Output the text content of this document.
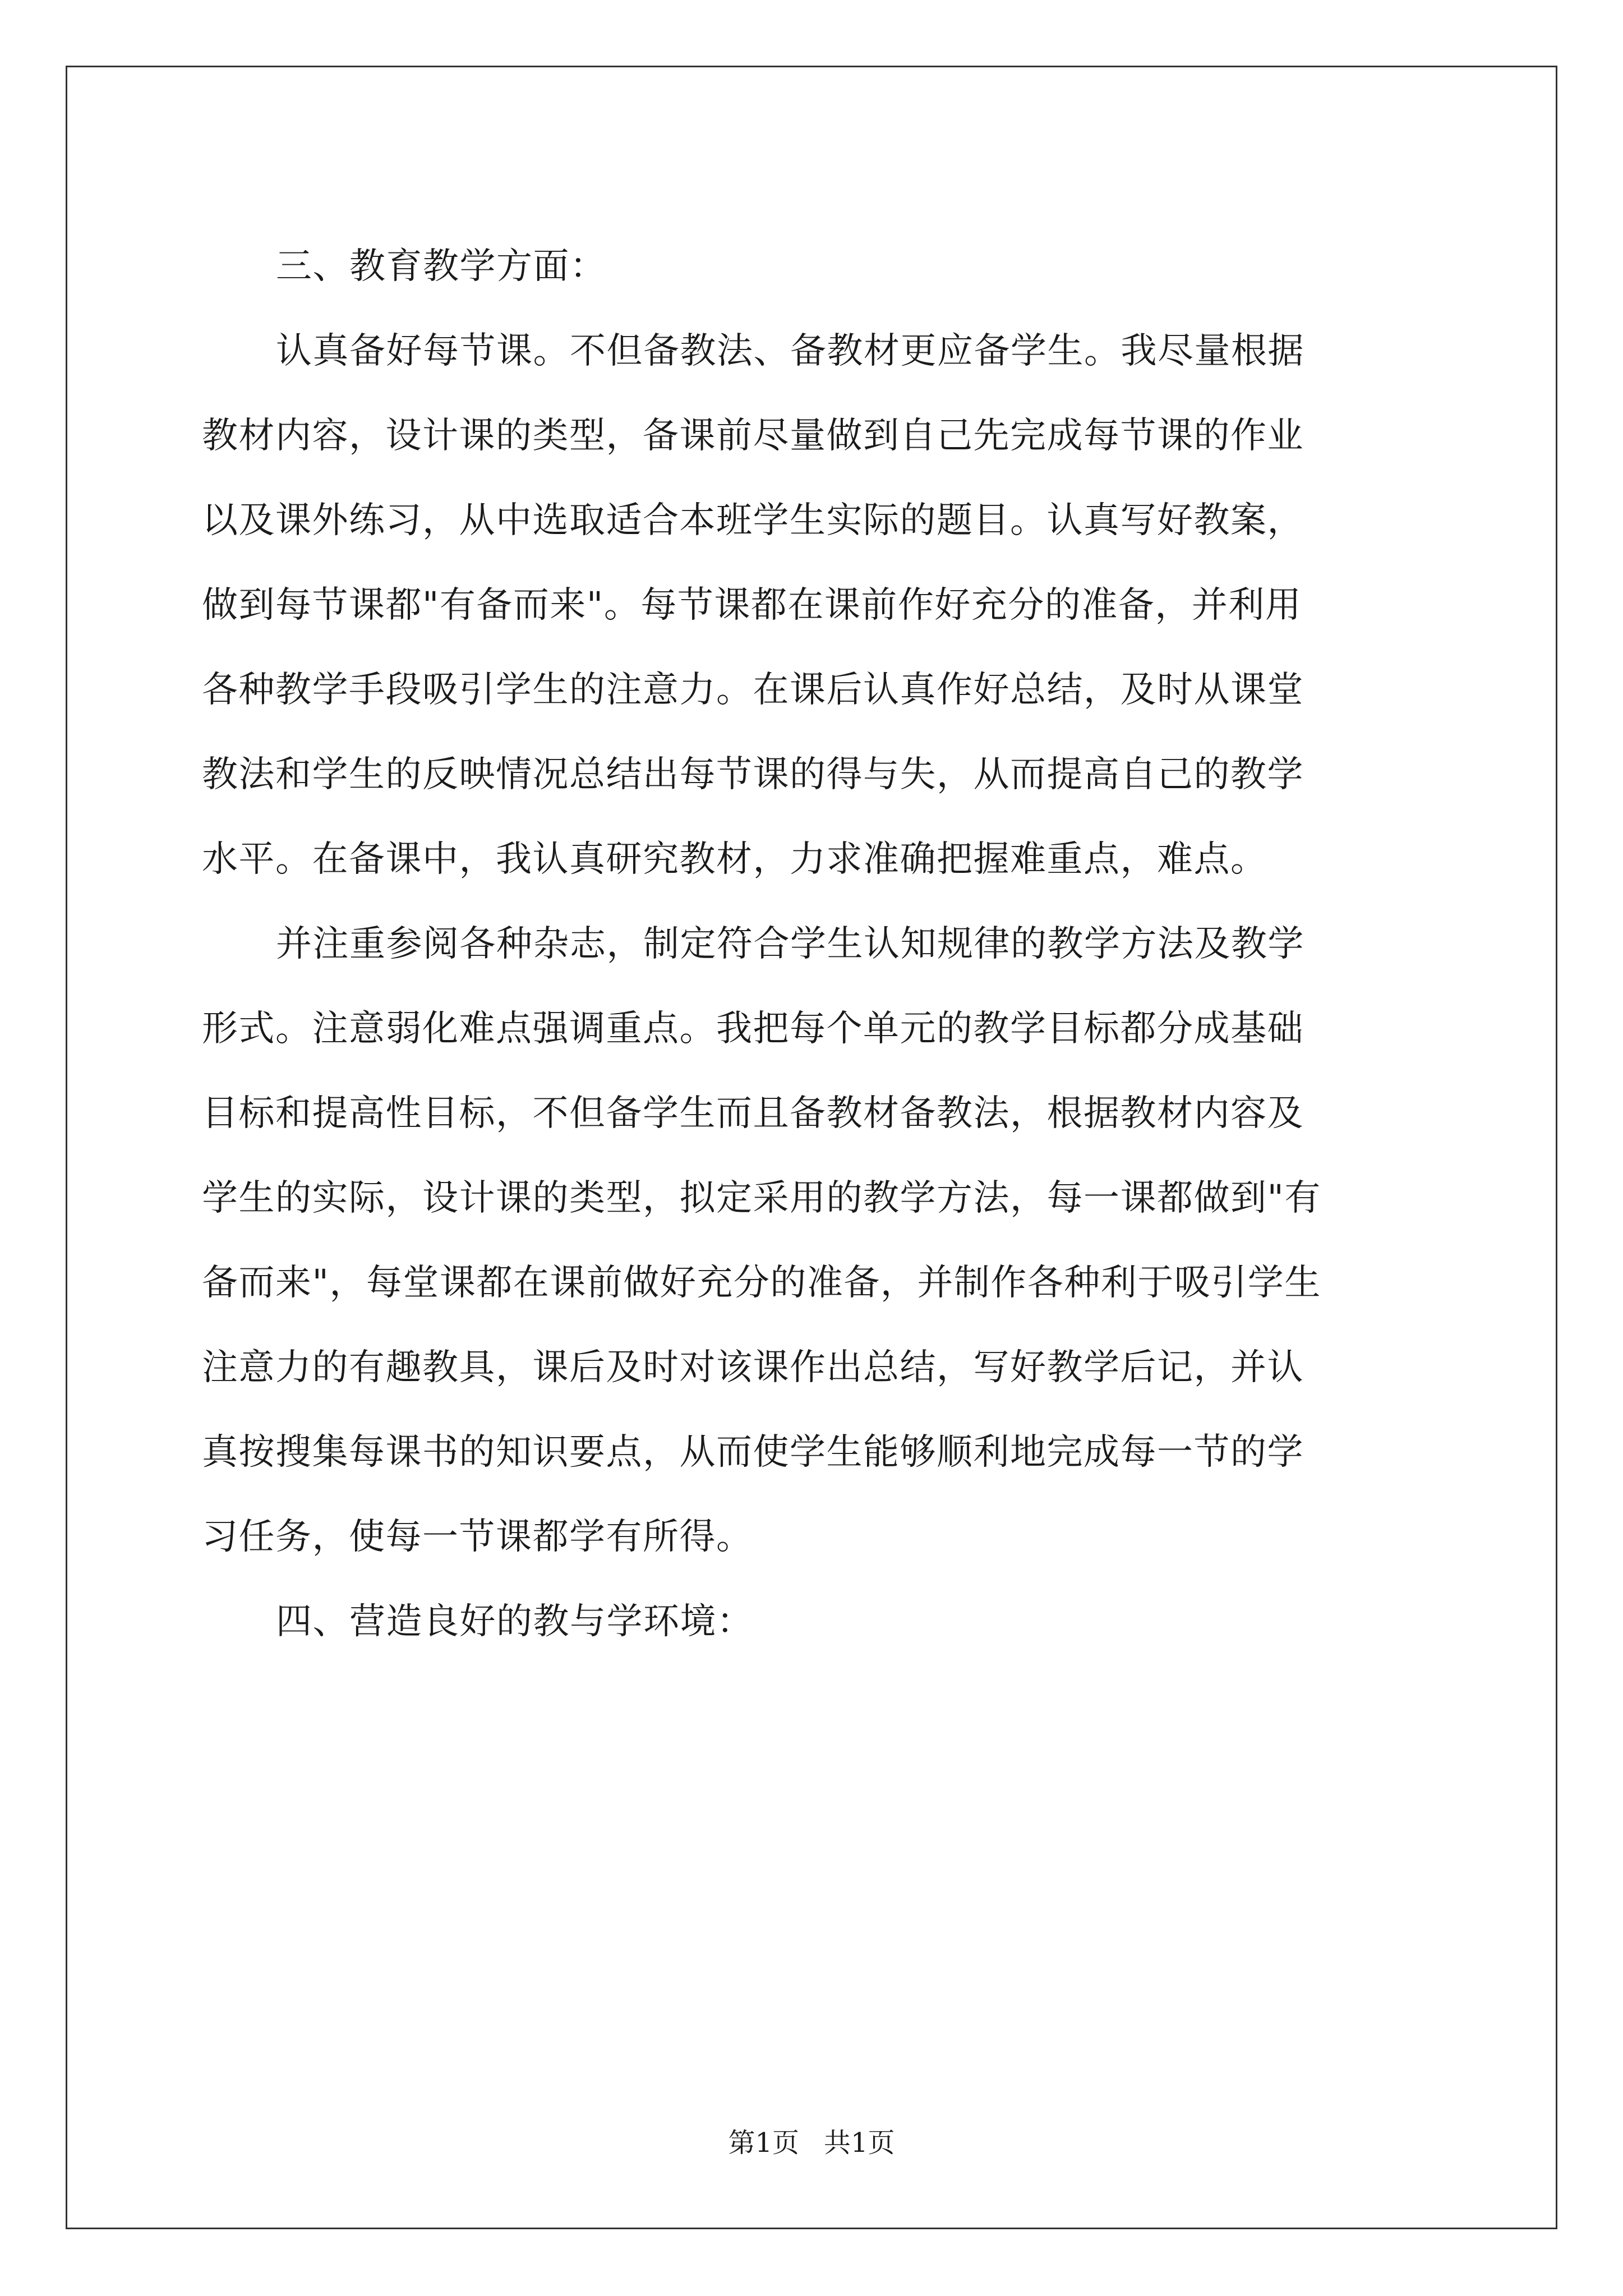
三、教育教学方面：
认真备好每节课。不但备教法、备教材更应备学生。我尽量根据
教材内容，设计课的类型，备课前尽量做到自己先完成每节课的作业
以及课外练习，从中选取适合本班学生实际的题目。认真写好教案，
做到每节课都"有备而来"。每节课都在课前作好充分的准备，并利用
各种教学手段吸引学生的注意力。在课后认真作好总结，及时从课堂
教法和学生的反映情况总结出每节课的得与失，从而提高自己的教学
水平。在备课中，我认真研究教材，力求准确把握难重点，难点。
并注重参阅各种杂志，制定符合学生认知规律的教学方法及教学
形式。注意弱化难点强调重点。我把每个单元的教学目标都分成基础
目标和提高性目标，不但备学生而且备教材备教法，根据教材内容及
学生的实际，设计课的类型，拟定采用的教学方法，每一课都做到"有
备而来"，每堂课都在课前做好充分的准备，并制作各种利于吸引学生
注意力的有趣教具，课后及时对该课作出总结，写好教学后记，并认
真按搜集每课书的知识要点，从而使学生能够顺利地完成每一节的学
习任务，使每一节课都学有所得。
四、营造良好的教与学环境：
第1页 共1页
